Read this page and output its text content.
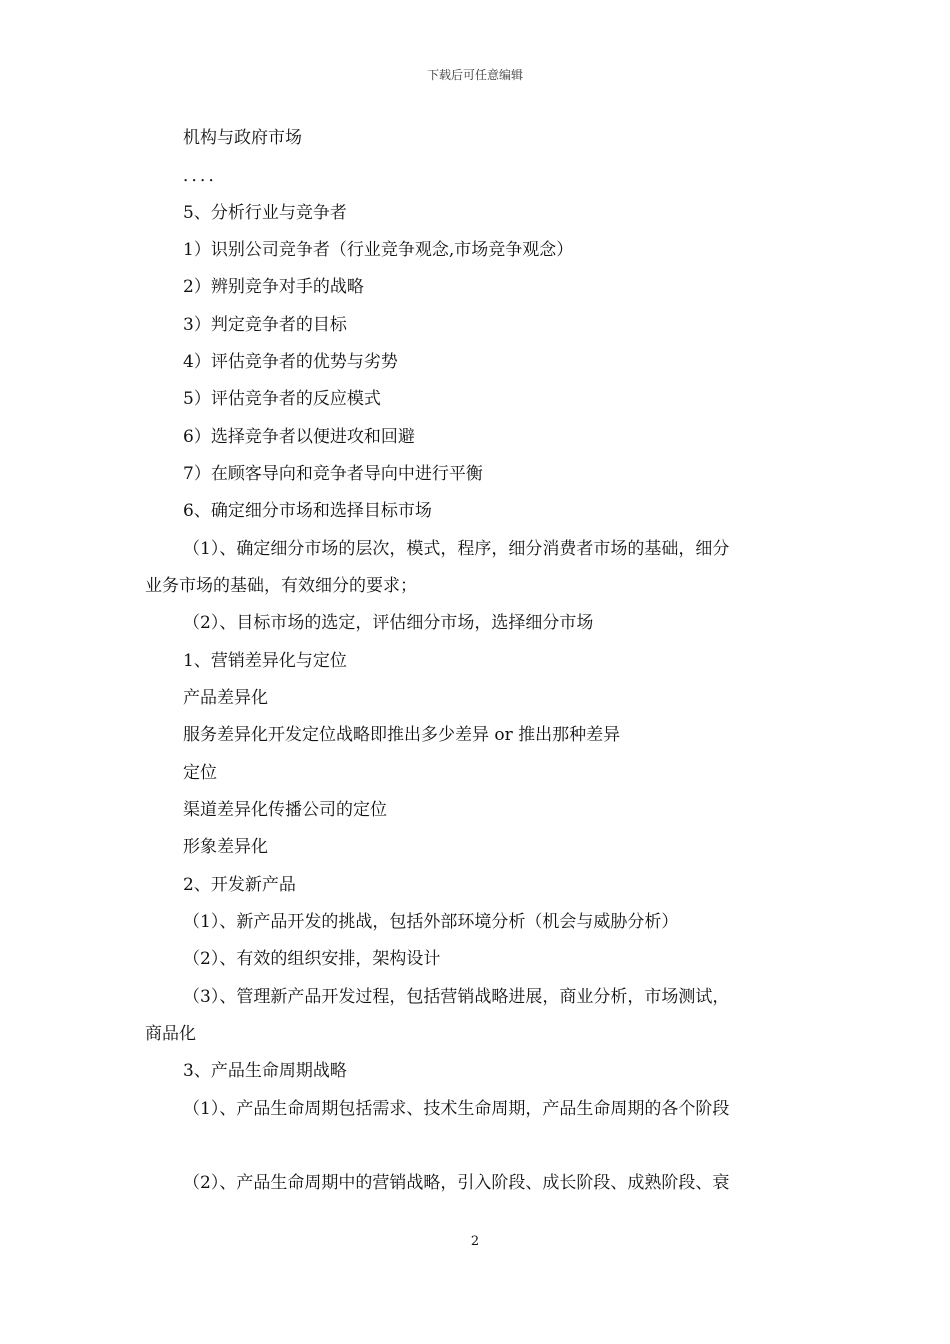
下载后可任意编辑
机构与政府市场
．．．．
5、分析行业与竞争者
1）识别公司竞争者（行业竞争观念,市场竞争观念）
2）辨别竞争对手的战略
3）判定竞争者的目标
4）评估竞争者的优势与劣势
5）评估竞争者的反应模式
6）选择竞争者以便进攻和回避
7）在顾客导向和竞争者导向中进行平衡
6、确定细分市场和选择目标市场
（1）、确定细分市场的层次，模式，程序，细分消费者市场的基础，细分
业务市场的基础，有效细分的要求；
（2）、目标市场的选定，评估细分市场，选择细分市场
1、营销差异化与定位
产品差异化
服务差异化开发定位战略即推出多少差异 or 推出那种差异
定位
渠道差异化传播公司的定位
形象差异化
2、开发新产品
（1）、新产品开发的挑战，包括外部环境分析（机会与威胁分析）
（2）、有效的组织安排，架构设计
（3）、管理新产品开发过程，包括营销战略进展，商业分析，市场测试，
商品化
3、产品生命周期战略
（1）、产品生命周期包括需求、技术生命周期，产品生命周期的各个阶段
（2）、产品生命周期中的营销战略，引入阶段、成长阶段、成熟阶段、衰
2
